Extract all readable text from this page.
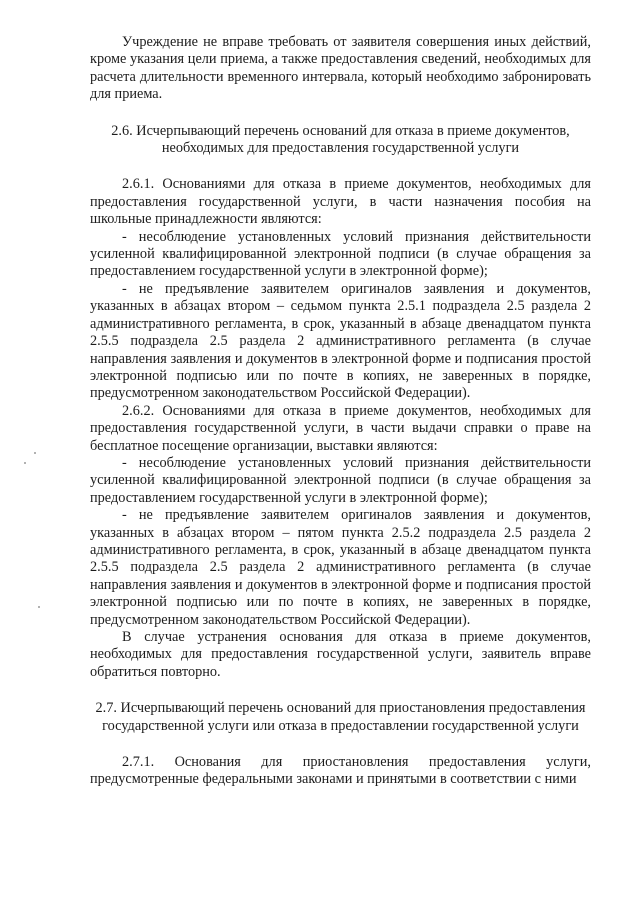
Учреждение не вправе требовать от заявителя совершения иных действий, кроме указания цели приема, а также предоставления сведений, необходимых для расчета длительности временного интервала, который необходимо забронировать для приема.

2.6. Исчерпывающий перечень оснований для отказа в приеме документов, необходимых для предоставления государственной услуги

2.6.1. Основаниями для отказа в приеме документов, необходимых для предоставления государственной услуги, в части назначения пособия на школьные принадлежности являются:

- несоблюдение установленных условий признания действительности усиленной квалифицированной электронной подписи (в случае обращения за предоставлением государственной услуги в электронной форме);

- не предъявление заявителем оригиналов заявления и документов, указанных в абзацах втором – седьмом пункта 2.5.1 подраздела 2.5 раздела 2 административного регламента, в срок, указанный в абзаце двенадцатом пункта 2.5.5 подраздела 2.5 раздела 2 административного регламента (в случае направления заявления и документов в электронной форме и подписания простой электронной подписью или по почте в копиях, не заверенных в порядке, предусмотренном законодательством Российской Федерации).

2.6.2. Основаниями для отказа в приеме документов, необходимых для предоставления государственной услуги, в части выдачи справки о праве на бесплатное посещение организации, выставки являются:

- несоблюдение установленных условий признания действительности усиленной квалифицированной электронной подписи (в случае обращения за предоставлением государственной услуги в электронной форме);

- не предъявление заявителем оригиналов заявления и документов, указанных в абзацах втором – пятом пункта 2.5.2 подраздела 2.5 раздела 2 административного регламента, в срок, указанный в абзаце двенадцатом пункта 2.5.5 подраздела 2.5 раздела 2 административного регламента (в случае направления заявления и документов в электронной форме и подписания простой электронной подписью или по почте в копиях, не заверенных в порядке, предусмотренном законодательством Российской Федерации).

В случае устранения основания для отказа в приеме документов, необходимых для предоставления государственной услуги, заявитель вправе обратиться повторно.

2.7. Исчерпывающий перечень оснований для приостановления предоставления государственной услуги или отказа в предоставлении государственной услуги

2.7.1. Основания для приостановления предоставления услуги, предусмотренные федеральными законами и принятыми в соответствии с ними
